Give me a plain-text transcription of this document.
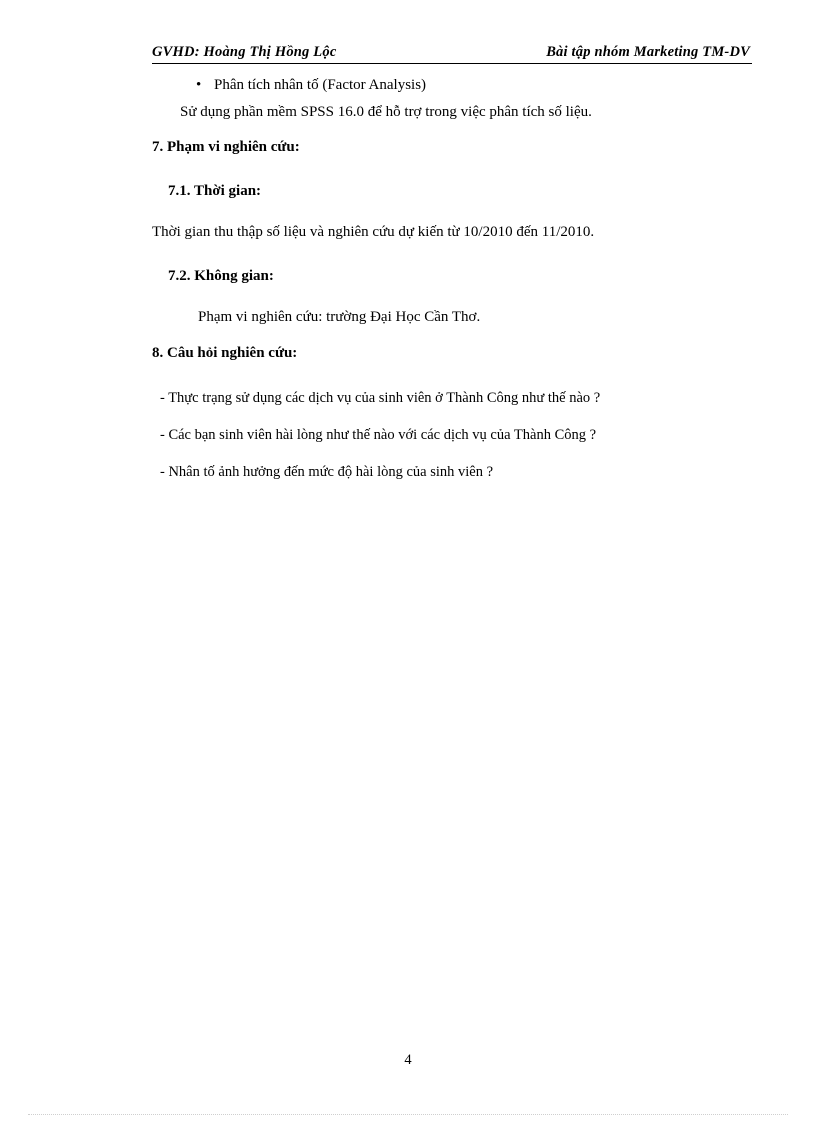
GVHD: Hoàng Thị Hồng Lộc	Bài tập nhóm Marketing TM-DV
• Phân tích nhân tố (Factor Analysis)
Sử dụng phần mềm SPSS 16.0 để hỗ trợ trong việc phân tích số liệu.
7. Phạm vi nghiên cứu:
7.1. Thời gian:
Thời gian thu thập số liệu và nghiên cứu dự kiến từ 10/2010 đến 11/2010.
7.2. Không gian:
Phạm vi nghiên cứu: trường Đại Học Cần Thơ.
8. Câu hỏi nghiên cứu:
- Thực trạng sử dụng các dịch vụ của sinh viên ở Thành Công như thế nào ?
- Các bạn sinh viên hài lòng như thế nào với các dịch vụ của Thành Công ?
- Nhân tố ảnh hưởng đến mức độ hài lòng của sinh viên ?
4
